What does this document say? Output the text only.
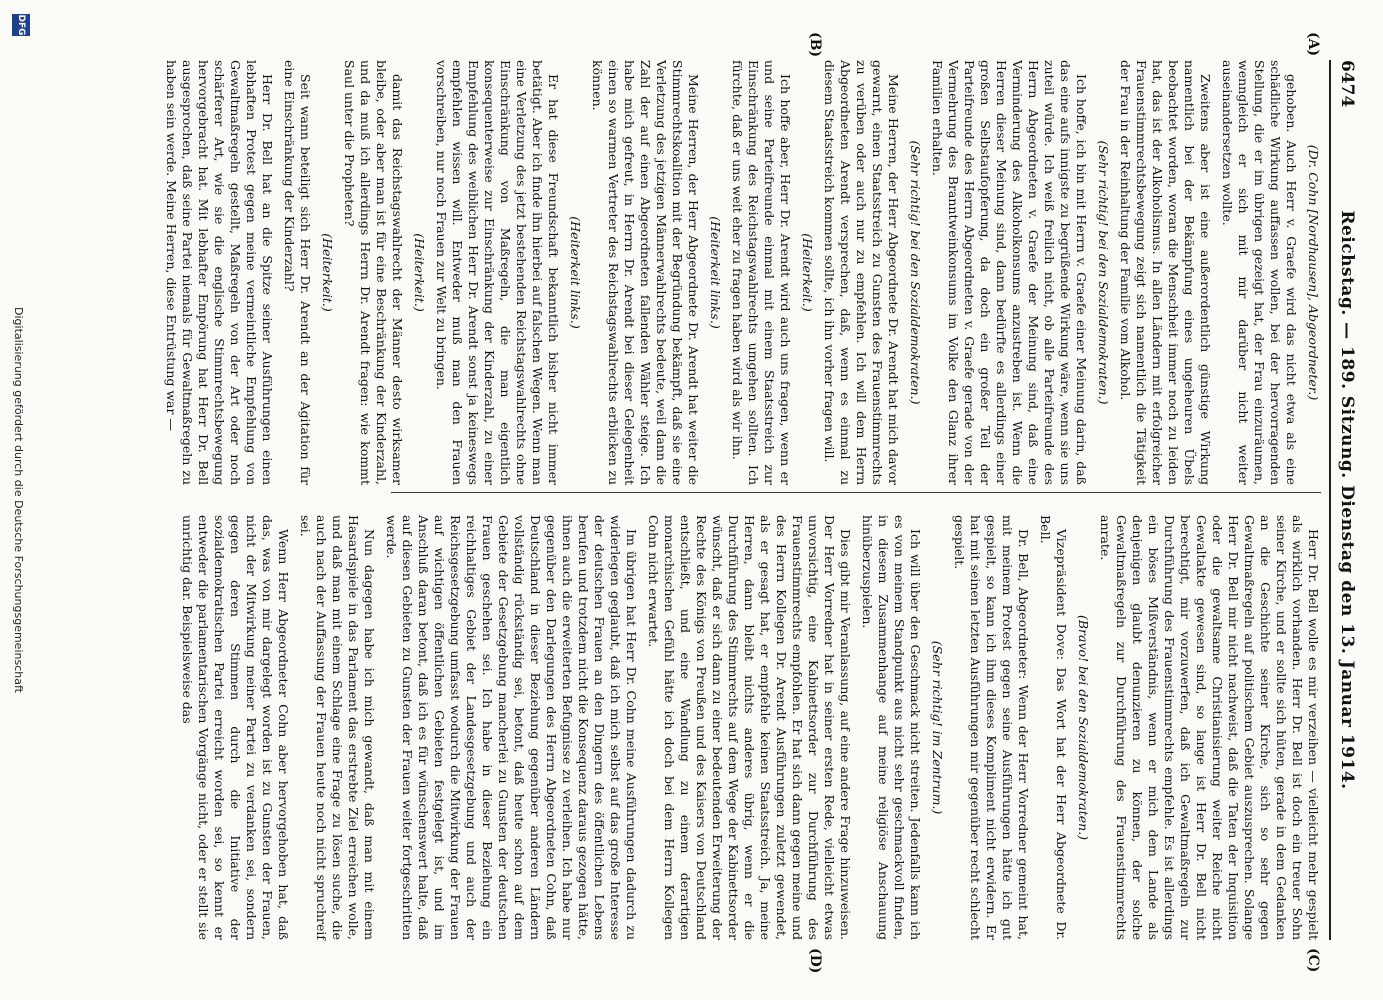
6474
Reichstag. — 189. Sitzung. Dienstag den 13. Januar 1914.
(A)
(B)
(C)
(D)

(Dr. Cohn [Nordhausen], Abgeordneter.)

gehoben. Auch Herr v. Graefe wird das nicht etwa als eine schädliche Wirkung auffassen wollen, bei der hervorragenden Stellung, die er im übrigen gezeigt hat, der Frau einzuräumen, wenngleich er sich mit mir darüber nicht weiter auseinandersetzen wollte.

Zweitens aber ist eine außerordentlich günstige Wirkung namentlich bei der Bekämpfung eines ungeheuren Übels beobachtet worden, woran die Menschheit immer noch zu leiden hat, das ist der Alkoholismus. In allen Ländern mit erfolgreicher Frauenstimmrechtsbewegung zeigt sich namentlich die Tätigkeit der Frau in der Reinhaltung der Familie vom Alkohol.

(Sehr richtig! bei den Sozialdemokraten.)

Ich hoffe, ich bin mit Herrn v. Graefe einer Meinung darin, daß das eine aufs innigste zu begrüßende Wirkung wäre, wenn sie uns zuteil würde. Ich weiß freilich nicht, ob alle Parteifreunde des Herrn Abgeordneten v. Graefe der Meinung sind, daß eine Verminderung des Alkoholkonsums anzustreben ist. Wenn die Herren dieser Meinung sind, dann bedürfte es allerdings einer großen Selbstaufopferung, da doch ein großer Teil der Parteifreunde des Herrn Abgeordneten v. Graefe gerade von der Vermehrung des Branntweinkonsums im Volke den Glanz ihrer Familien erhalten.

(Sehr richtig! bei den Sozialdemokraten.)

Meine Herren, der Herr Abgeordnete Dr. Arendt hat mich davor gewarnt, einen Staatsstreich zu Gunsten des Frauenstimmrechts zu verüben oder auch nur zu empfehlen. Ich will dem Herrn Abgeordneten Arendt versprechen, daß, wenn es einmal zu diesem Staatsstreich kommen sollte, ich ihn vorher fragen will.

(Heiterkeit.)

Ich hoffe aber, Herr Dr. Arendt wird auch uns fragen, wenn er und seine Parteifreunde einmal mit einem Staatsstreich zur Einschränkung des Reichstagswahlrechts umgehen sollten. Ich fürchte, daß er uns weit eher zu fragen haben wird als wir ihn.

(Heiterkeit links.)

Meine Herren, der Herr Abgeordnete Dr. Arendt hat weiter die Stimmrechtskoalition mit der Begründung bekämpft, daß sie eine Verletzung des jetzigen Männerwahlrechts bedeute, weil dann die Zahl der auf einen Abgeordneten fallenden Wähler steige. Ich habe mich gefreut, in Herrn Dr. Arendt bei dieser Gelegenheit einen so warmen Vertreter des Reichstagswahlrechts erblicken zu können.

(Heiterkeit links.)

Er hat diese Freundschaft bekanntlich bisher nicht immer betätigt. Aber ich finde ihn hierbei auf falschen Wegen. Wenn man eine Verletzung des jetzt bestehenden Reichstagswahlrechts ohne Einschränkung von Maßregeln, die man eigentlich konsequenterweise zur Einschränkung der Kinderzahl, zu einer Empfehlung des weiblichen Herr Dr. Arendt sonst ja keineswegs empfehlen wissen will. Entweder muß man den Frauen vorschreiben, nur noch Frauen zur Welt zu bringen.

(Heiterkeit.)

damit das Reichstagswahlrecht der Männer desto wirksamer bleibe, oder aber man ist für eine Beschränkung der Kinderzahl, und da muß ich allerdings Herrn Dr. Arendt fragen: wie kommt Saul unter die Propheten?

(Heiterkeit.)

Seit wann beteiligt sich Herr Dr. Arendt an der Agitation für eine Einschränkung der Kinderzahl?

Herr Dr. Bell hat an die Spitze seiner Ausführungen einen lebhaften Protest gegen meine vermeintliche Empfehlung von Gewaltmaßregeln gestellt, Maßregeln von der Art oder noch schärferer Art, wie sie die englische Stimmrechtsbewegung hervorgebracht hat. Mit lebhafter Empörung hat Herr Dr. Bell ausgesprochen, daß seine Partei niemals für Gewaltmaßregeln zu haben sein werde. Meine Herren, diese Entrüstung war —

Herr Dr. Bell wolle es mir verzeihen — vielleicht mehr gespielt als wirklich vorhanden. Herr Dr. Bell ist doch ein treuer Sohn seiner Kirche, und er sollte sich hüten, gerade in dem Gedanken an die Geschichte seiner Kirche, sich so sehr gegen Gewaltmaßregeln auf politischem Gebiet auszusprechen. Solange Herr Dr. Bell mir nicht nachweist, daß die Taten der Inquisition oder die gewaltsame Christianisierung weiter Reiche nicht Gewaltakte gewesen sind, so lange ist Herr Dr. Bell nicht berechtigt, mir vorzuwerfen, daß ich Gewaltmaßregeln zur Durchführung des Frauenstimmrechts empfehle. Es ist allerdings ein böses Mißverständnis, wenn er mich dem Lande als denjenigen glaubt denunzieren zu können, der solche Gewaltmaßregeln zur Durchführung des Frauenstimmrechts anrate.

(Bravo! bei den Sozialdemokraten.)

Vizepräsident Dove: Das Wort hat der Herr Abgeordnete Dr. Bell.

Dr. Bell, Abgeordneter: Wenn der Herr Vorredner gemeint hat, mit meinem Protest gegen seine Ausführungen hätte ich gut gespielt, so kann ich ihm dieses Kompliment nicht erwidern. Er hat mit seinen letzten Ausführungen mir gegenüber recht schlecht gespielt.

(Sehr richtig! im Zentrum.)

Ich will über den Geschmack nicht streiten. Jedenfalls kann ich es von meinem Standpunkt aus nicht sehr geschmackvoll finden, in diesem Zusammenhange auf meine religiöse Anschauung hinüberzuspielen.

Dies gibt mir Veranlassung, auf eine andere Frage hinzuweisen. Der Herr Vorredner hat in seiner ersten Rede, vielleicht etwas unvorsichtig, eine Kabinettsorder zur Durchführung des Frauenstimmrechts empfohlen. Er hat sich dann gegen meine und des Herrn Kollegen Dr. Arendt Ausführungen zuletzt gewendet, als er gesagt hat, er empfehle keinen Staatsstreich. Ja, meine Herren, dann bleibt nichts anderes übrig, wenn er die Durchführung des Stimmrechts auf dem Wege der Kabinettsorder wünscht, daß er sich dann zu einer bedeutenden Erweiterung der Rechte des Königs von Preußen und des Kaisers von Deutschland entschließt, und eine Wandlung zu einem derartigen monarchischen Gefühl hätte ich doch bei dem Herrn Kollegen Cohn nicht erwartet.

Im übrigen hat Herr Dr. Cohn meine Ausführungen dadurch zu widerlegen geglaubt, daß ich mich selbst auf das große Interesse der deutschen Frauen an den Dingern des öffentlichen Lebens berufen und trotzdem nicht die Konsequenz daraus gezogen hätte, ihnen auch die erweiterten Befugnisse zu verleihen. Ich habe nur gegenüber den Darlegungen des Herrn Abgeordneten Cohn, daß Deutschland in dieser Beziehung gegenüber anderen Ländern vollständig rückständig sei, betont, daß heute schon auf dem Gebiete der Gesetzgebung mancherlei zu Gunsten der deutschen Frauen geschehen sei. Ich habe in dieser Beziehung ein reichhaltiges Gebiet der Landesgesetzgebung und auch der Reichsgesetzgebung umfasst wodurch die Mitwirkung der Frauen auf wichtigen öffentlichen Gebieten festgelegt ist, und im Anschluß daran betont, daß ich es für wünschenswert halte, daß auf diesen Gebieten zu Gunsten der Frauen weiter fortgeschritten werde.

Nun dagegen habe ich mich gewandt, daß man mit einem Hasardspiele in das Parlament das erstrebte Ziel erreichen wolle, und daß man mit einem Schlage eine Frage zu lösen suche, die auch nach der Auffassung der Frauen heute noch nicht spruchreif sei.

Wenn Herr Abgeordneter Cohn aber hervorgehoben hat, daß das, was von mir dargelegt worden ist zu Gunsten der Frauen, nicht der Mitwirkung meiner Partei zu verdanken sei, sondern gegen deren Stimmen durch die Initiative der sozialdemokratischen Partei erreicht worden sei, so kennt er entweder die parlamentarischen Vorgänge nicht, oder er stellt sie unrichtig dar. Beispielsweise das

DFG
Digitalisierung gefördert durch die Deutsche Forschungsgemeinschaft
